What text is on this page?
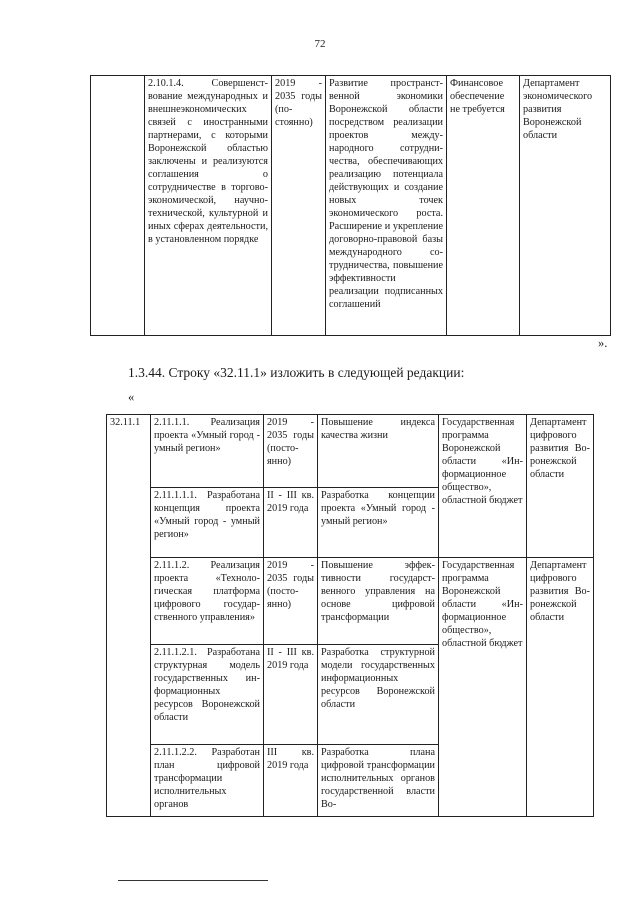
72
	2.10.1.4. Совершенствование международных и внешнеэкономических связей с иностранными партнерами, с которыми Воронежской областью заключены и реализуются соглашения о сотрудничестве в торгово-экономической, научно-технической, культурной и иных сферах деятельности, в установленном порядке	2019 - 2035 годы (постоянно)	Развитие пространственной экономики Воронежской области посредством реализации проектов международного сотрудничества, обеспечивающих реализацию потенциала действующих и создание новых точек экономического роста. Расширение и укрепление договорно-правовой базы международного сотрудничества, повышение эффективности реализации подписанных соглашений	Финансовое обеспечение не требуется	Департамент экономического развития Воронежской области
».
1.3.44. Строку «32.11.1» изложить в следующей редакции:
«
32.11.1	2.11.1.1. Реализация проекта «Умный город - умный регион»	2019 - 2035 годы (постоянно)	Повышение индекса качества жизни	Государственная программа Воронежской области «Информационное общество», областной бюджет	Департамент цифрового развития Воронежской области
	2.11.1.1.1. Разработана концепция проекта «Умный город - умный регион»	II - III кв. 2019 года	Разработка концепции проекта «Умный город - умный регион»		
	2.11.1.2. Реализация проекта «Технологическая платформа цифрового государственного управления»	2019 - 2035 годы (постоянно)	Повышение эффективности государственного управления на основе цифровой трансформации	Государственная программа Воронежской области «Информационное общество», областной бюджет	Департамент цифрового развития Воронежской области
	2.11.1.2.1. Разработана структурная модель государственных информационных ресурсов Воронежской области	II - III кв. 2019 года	Разработка структурной модели государственных информационных ресурсов Воронежской области		
	2.11.1.2.2. Разработан план цифровой трансформации исполнительных органов	III кв. 2019 года	Разработка плана цифровой трансформации исполнительных органов государственной власти Во-		
